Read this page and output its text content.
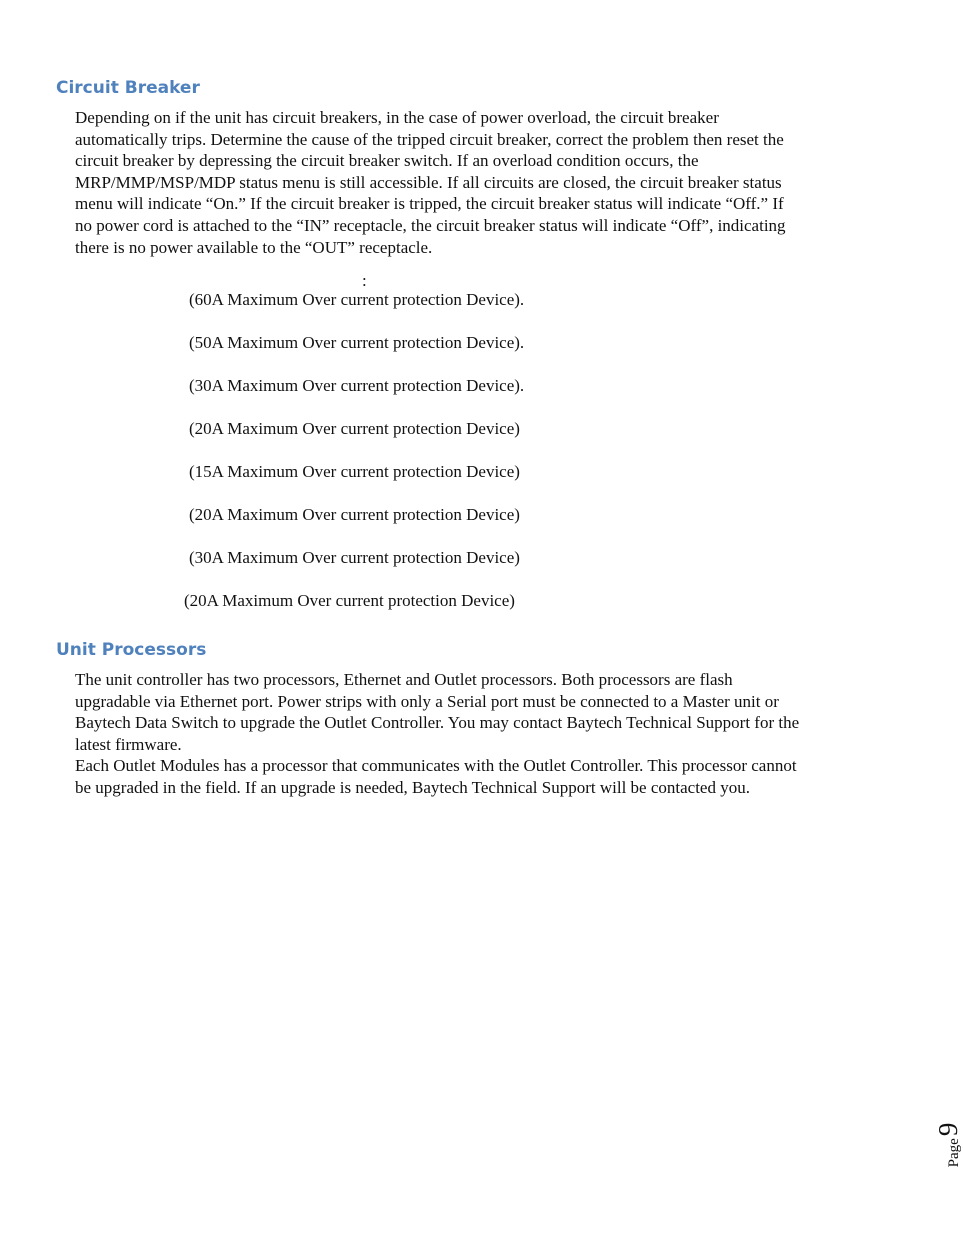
Circuit Breaker
Depending on if the unit has circuit breakers, in the case of power overload, the circuit breaker
automatically trips. Determine the cause of the tripped circuit breaker, correct the problem then reset the
circuit breaker by depressing the circuit breaker switch. If an overload condition occurs, the
MRP/MMP/MSP/MDP status menu is still accessible. If all circuits are closed, the circuit breaker status
menu will indicate “On.” If the circuit breaker is tripped, the circuit breaker status will indicate “Off.” If
no power cord is attached to the “IN” receptacle, the circuit breaker status will indicate “Off”, indicating
there is no power available to the “OUT” receptacle.
:
(60A Maximum Over current protection Device).
(50A Maximum Over current protection Device).
(30A Maximum Over current protection Device).
(20A Maximum Over current protection Device)
(15A Maximum Over current protection Device)
(20A Maximum Over current protection Device)
(30A Maximum Over current protection Device)
(20A Maximum Over current protection Device)
Unit Processors
The unit controller has two processors, Ethernet and Outlet processors. Both processors are flash
upgradable via Ethernet port. Power strips with only a Serial port must be connected to a Master unit or
Baytech Data Switch to upgrade the Outlet Controller. You may contact Baytech Technical Support for the
latest firmware.
Each Outlet Modules has a processor that communicates with the Outlet Controller. This processor cannot
be upgraded in the field. If an upgrade is needed, Baytech Technical Support will be contacted you.
Page
9
